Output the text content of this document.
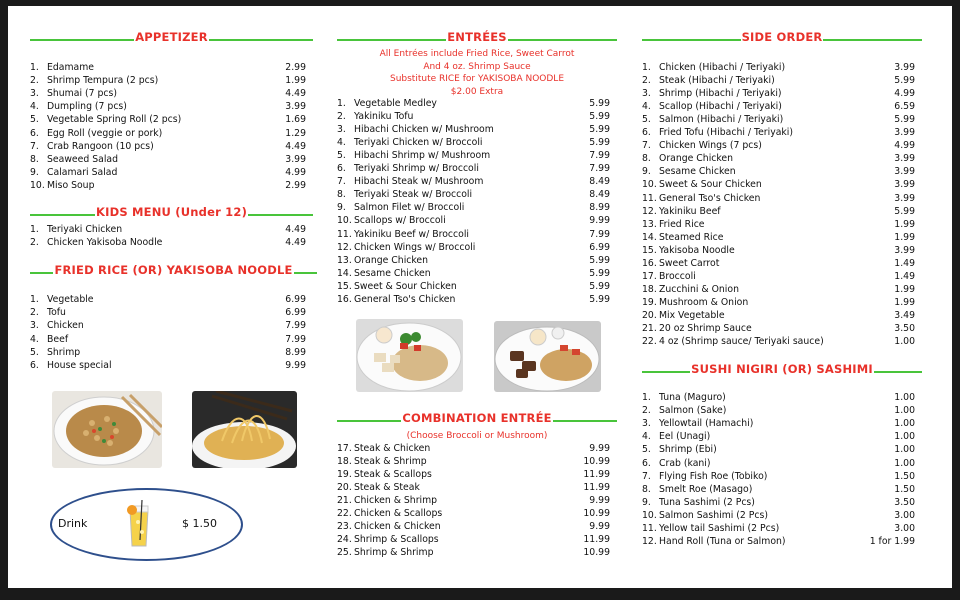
APPETIZER
1. Edamame	2.99
2. Shrimp Tempura (2 pcs)	1.99
3. Shumai (7 pcs)	4.49
4. Dumpling (7 pcs)	3.99
5. Vegetable Spring Roll (2 pcs)	1.69
6. Egg Roll (veggie or pork)	1.29
7. Crab Rangoon (10 pcs)	4.49
8. Seaweed Salad	3.99
9. Calamari Salad	4.99
10. Miso Soup	2.99
KIDS MENU (Under 12)
1. Teriyaki Chicken	4.49
2. Chicken Yakisoba Noodle	4.49
FRIED RICE (OR) YAKISOBA NOODLE
1. Vegetable	6.99
2. Tofu	6.99
3. Chicken	7.99
4. Beef	7.99
5. Shrimp	8.99
6. House special	9.99
Drink	$ 1.50
ENTRÉES
All Entrées include Fried Rice, Sweet Carrot
And 4 oz. Shrimp Sauce
Substitute RICE for YAKISOBA NOODLE
$2.00 Extra
1. Vegetable Medley	5.99
2. Yakiniku Tofu	5.99
3. Hibachi Chicken w/ Mushroom	5.99
4. Teriyaki Chicken w/ Broccoli	5.99
5. Hibachi Shrimp w/ Mushroom	7.99
6. Teriyaki Shrimp w/ Broccoli	7.99
7. Hibachi Steak w/ Mushroom	8.49
8. Teriyaki Steak w/ Broccoli	8.49
9. Salmon Filet w/ Broccoli	8.99
10. Scallops w/ Broccoli	9.99
11. Yakiniku Beef w/ Broccoli	7.99
12. Chicken Wings w/ Broccoli	6.99
13. Orange Chicken	5.99
14. Sesame Chicken	5.99
15. Sweet & Sour Chicken	5.99
16. General Tso's Chicken	5.99
COMBINATION ENTRÉE
(Choose Broccoli or Mushroom)
17. Steak & Chicken	9.99
18. Steak & Shrimp	10.99
19. Steak & Scallops	11.99
20. Steak & Steak	11.99
21. Chicken & Shrimp	9.99
22. Chicken & Scallops	10.99
23. Chicken & Chicken	9.99
24. Shrimp & Scallops	11.99
25. Shrimp & Shrimp	10.99
SIDE ORDER
1. Chicken (Hibachi / Teriyaki)	3.99
2. Steak (Hibachi / Teriyaki)	5.99
3. Shrimp (Hibachi / Teriyaki)	4.99
4. Scallop (Hibachi / Teriyaki)	6.59
5. Salmon (Hibachi / Teriyaki)	5.99
6. Fried Tofu (Hibachi / Teriyaki)	3.99
7. Chicken Wings (7 pcs)	4.99
8. Orange Chicken	3.99
9. Sesame Chicken	3.99
10. Sweet & Sour Chicken	3.99
11. General Tso's Chicken	3.99
12. Yakiniku Beef	5.99
13. Fried Rice	1.99
14. Steamed Rice	1.99
15. Yakisoba Noodle	3.99
16. Sweet Carrot	1.49
17. Broccoli	1.49
18. Zucchini & Onion	1.99
19. Mushroom & Onion	1.99
20. Mix Vegetable	3.49
21. 20 oz Shrimp Sauce	3.50
22. 4 oz (Shrimp sauce/ Teriyaki sauce)	1.00
SUSHI NIGIRI (OR) SASHIMI
1. Tuna (Maguro)	1.00
2. Salmon (Sake)	1.00
3. Yellowtail (Hamachi)	1.00
4. Eel (Unagi)	1.00
5. Shrimp (Ebi)	1.00
6. Crab (kani)	1.00
7. Flying Fish Roe (Tobiko)	1.50
8. Smelt Roe (Masago)	1.50
9. Tuna Sashimi (2 Pcs)	3.50
10. Salmon Sashimi (2 Pcs)	3.00
11. Yellow tail Sashimi (2 Pcs)	3.00
12. Hand Roll (Tuna or Salmon)	1 for 1.99
